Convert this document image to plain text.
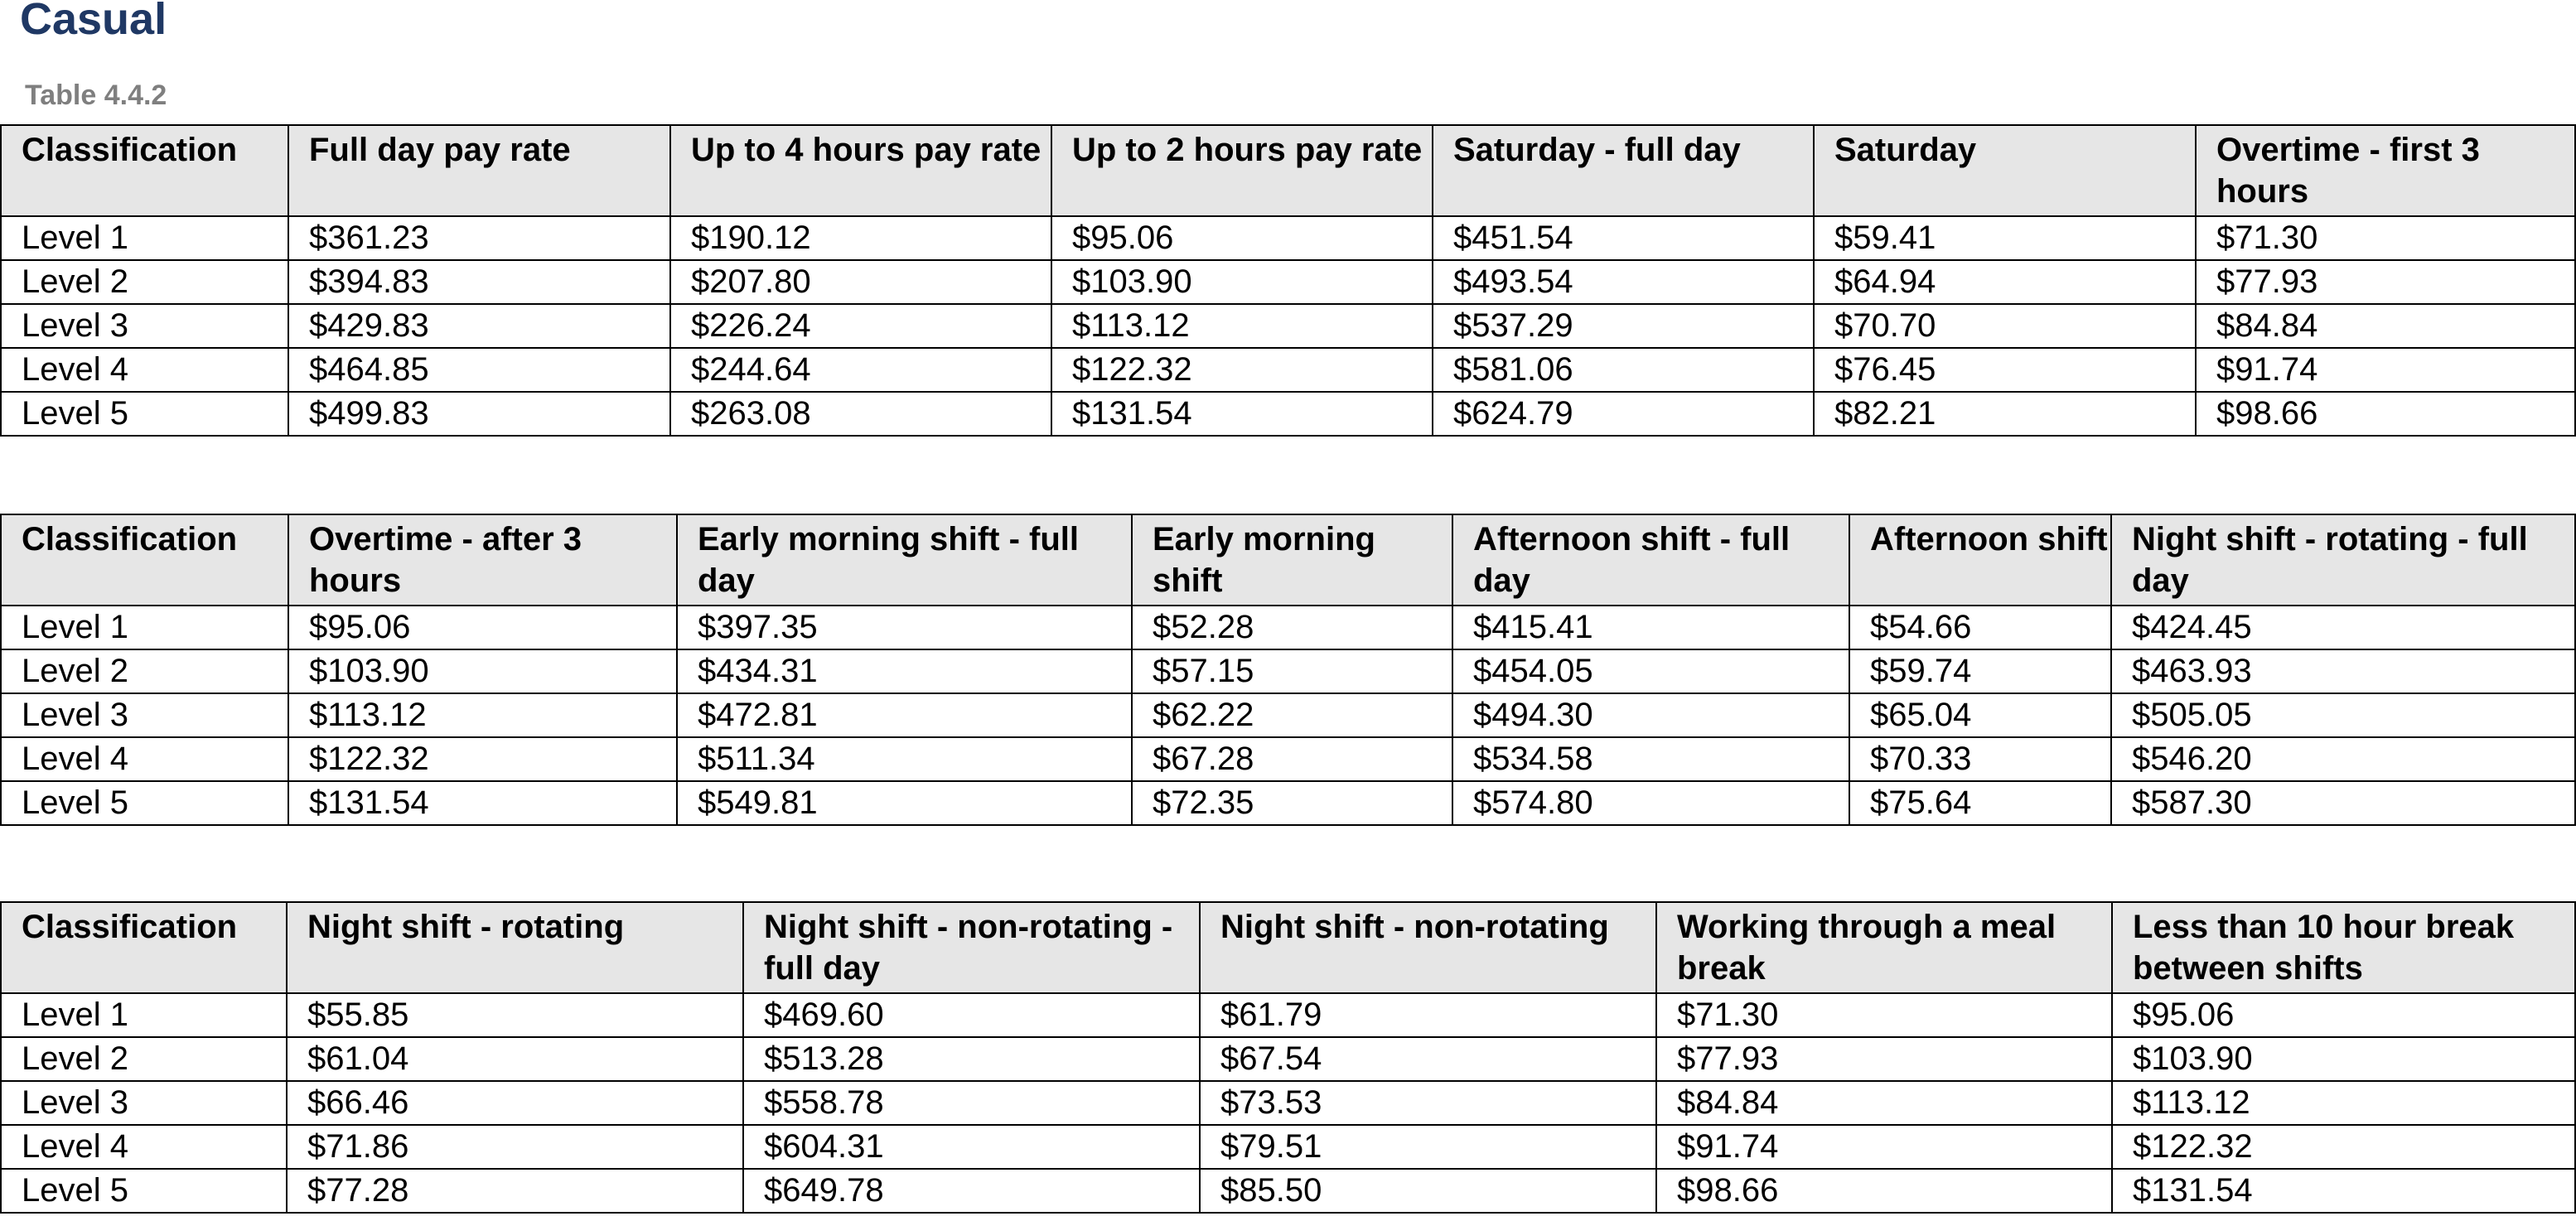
Casual
Table 4.4.2
Classification	Full day pay rate	Up to 4 hours pay rate	Up to 2 hours pay rate	Saturday - full day	Saturday	Overtime - first 3 hours
Level 1	$361.23	$190.12	$95.06	$451.54	$59.41	$71.30
Level 2	$394.83	$207.80	$103.90	$493.54	$64.94	$77.93
Level 3	$429.83	$226.24	$113.12	$537.29	$70.70	$84.84
Level 4	$464.85	$244.64	$122.32	$581.06	$76.45	$91.74
Level 5	$499.83	$263.08	$131.54	$624.79	$82.21	$98.66
Classification	Overtime - after 3 hours	Early morning shift - full day	Early morning shift	Afternoon shift - full day	Afternoon shift	Night shift - rotating - full day
Level 1	$95.06	$397.35	$52.28	$415.41	$54.66	$424.45
Level 2	$103.90	$434.31	$57.15	$454.05	$59.74	$463.93
Level 3	$113.12	$472.81	$62.22	$494.30	$65.04	$505.05
Level 4	$122.32	$511.34	$67.28	$534.58	$70.33	$546.20
Level 5	$131.54	$549.81	$72.35	$574.80	$75.64	$587.30
Classification	Night shift - rotating	Night shift - non-rotating - full day	Night shift - non-rotating	Working through a meal break	Less than 10 hour break between shifts
Level 1	$55.85	$469.60	$61.79	$71.30	$95.06
Level 2	$61.04	$513.28	$67.54	$77.93	$103.90
Level 3	$66.46	$558.78	$73.53	$84.84	$113.12
Level 4	$71.86	$604.31	$79.51	$91.74	$122.32
Level 5	$77.28	$649.78	$85.50	$98.66	$131.54
